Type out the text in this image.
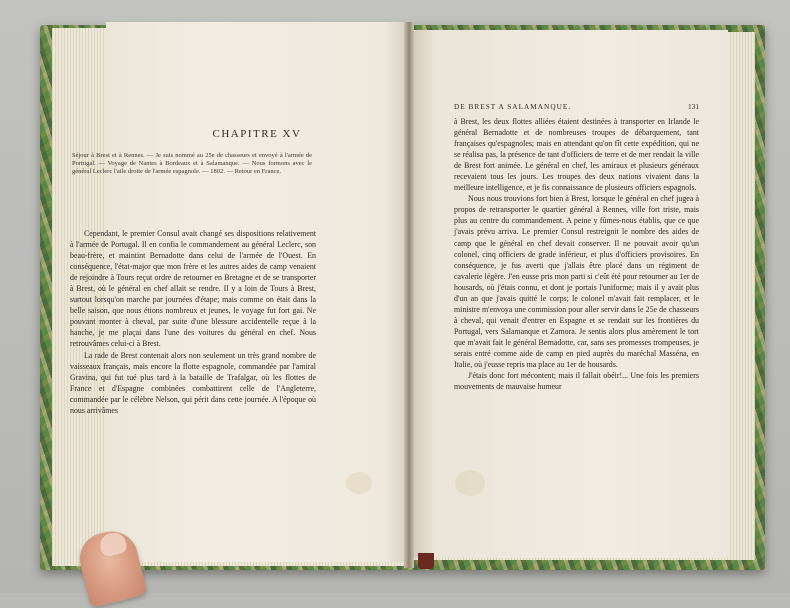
CHAPITRE XV
Séjour à Brest et à Rennes. — Je suis nommé au 25e de chasseurs et envoyé à l'armée de Portugal. — Voyage de Nantes à Bordeaux et à Salamanque. — Nous formons avec le général Leclerc l'aile droite de l'armée espagnole. — 1802. — Retour en France.

Cependant, le premier Consul avait changé ses dispositions relativement à l'armée de Portugal. Il en confia le commandement au général Leclerc, son beau-frère, et maintint Bernadotte dans celui de l'armée de l'Ouest. En conséquence, l'état-major que mon frère et les autres aides de camp venaient de rejoindre à Tours reçut ordre de retourner en Bretagne et de se transporter à Brest, où le général en chef allait se rendre. Il y a loin de Tours à Brest, surtout lorsqu'on marche par journées d'étape; mais comme on était dans la belle saison, que nous étions nombreux et jeunes, le voyage fut fort gai. Ne pouvant monter à cheval, par suite d'une blessure accidentelle reçue à la hanche, je me plaçai dans l'une des voitures du général en chef. Nous retrouvâmes celui-ci à Brest.

La rade de Brest contenait alors non seulement un très grand nombre de vaisseaux français, mais encore la flotte espagnole, commandée par l'amiral Gravina, qui fut tué plus tard à la bataille de Trafalgar, où les flottes de France et d'Espagne combinées combattirent celle de l'Angleterre, commandée par le célèbre Nelson, qui périt dans cette journée. A l'époque où nous arrivâmes

DE BREST A SALAMANQUE.	131

à Brest, les deux flottes alliées étaient destinées à transporter en Irlande le général Bernadotte et de nombreuses troupes de débarquement, tant françaises qu'espagnoles; mais en attendant qu'on fît cette expédition, qui ne se réalisa pas, la présence de tant d'officiers de terre et de mer rendait la ville de Brest fort animée. Le général en chef, les amiraux et plusieurs généraux recevaient tous les jours. Les troupes des deux nations vivaient dans la meilleure intelligence, et je fis connaissance de plusieurs officiers espagnols.

Nous nous trouvions fort bien à Brest, lorsque le général en chef jugea à propos de retransporter le quartier général à Rennes, ville fort triste, mais plus au centre du commandement. A peine y fûmes-nous établis, que ce que j'avais prévu arriva. Le premier Consul restreignit le nombre des aides de camp que le général en chef devait conserver. Il ne pouvait avoir qu'un colonel, cinq officiers de grade inférieur, et plus d'officiers provisoires. En conséquence, je fus averti que j'allais être placé dans un régiment de cavalerie légère. J'en eusse pris mon parti si c'eût été pour retourner au 1er de housards, où j'étais connu, et dont je portais l'uniforme; mais il y avait plus d'un an que j'avais quitté le corps; le colonel m'avait fait remplacer, et le ministre m'envoya une commission pour aller servir dans le 25e de chasseurs à cheval, qui venait d'entrer en Espagne et se rendait sur les frontières du Portugal, vers Salamanque et Zamora. Je sentis alors plus amèrement le tort que m'avait fait le général Bernadotte, car, sans ses promesses trompeuses, je serais entré comme aide de camp en pied auprès du maréchal Masséna, en Italie, où j'eusse repris ma place au 1er de housards.

J'étais donc fort mécontent; mais il fallait obéir!... Une fois les premiers mouvements de mauvaise humeur
